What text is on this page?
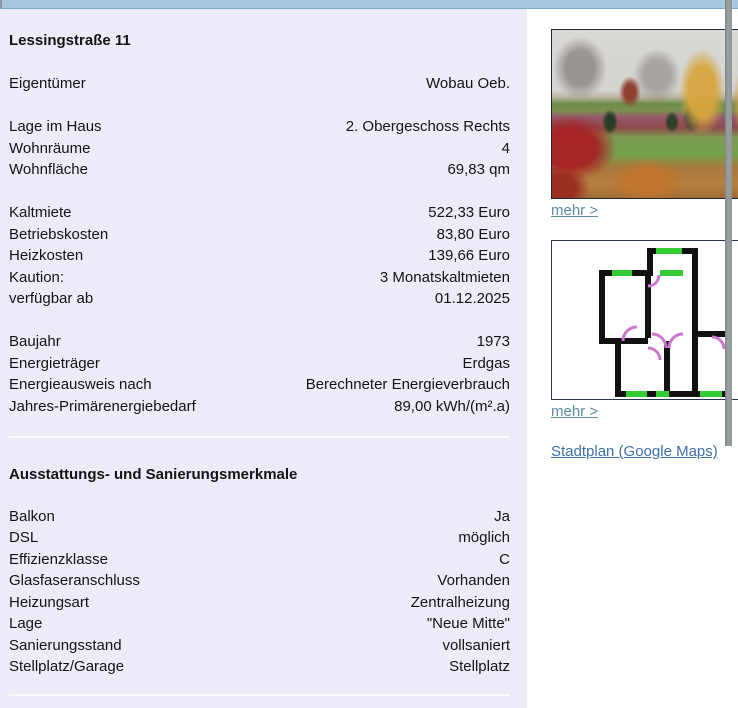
Lessingstraße 11
Eigentümer	Wobau Oeb.
Lage im Haus	2. Obergeschoss Rechts
Wohnräume	4
Wohnfläche	69,83 qm
Kaltmiete	522,33 Euro
Betriebskosten	83,80 Euro
Heizkosten	139,66 Euro
Kaution:	3 Monatskaltmieten
verfügbar ab	01.12.2025
Baujahr	1973
Energieträger	Erdgas
Energieausweis nach	Berechneter Energieverbrauch
Jahres-Primärenergiebedarf	89,00 kWh/(m².a)
Ausstattungs- und Sanierungsmerkmale
Balkon	Ja
DSL	möglich
Effizienzklasse	C
Glasfaseranschluss	Vorhanden
Heizungsart	Zentralheizung
Lage	"Neue Mitte"
Sanierungsstand	vollsaniert
Stellplatz/Garage	Stellplatz
mehr >
mehr >
Stadtplan (Google Maps)
